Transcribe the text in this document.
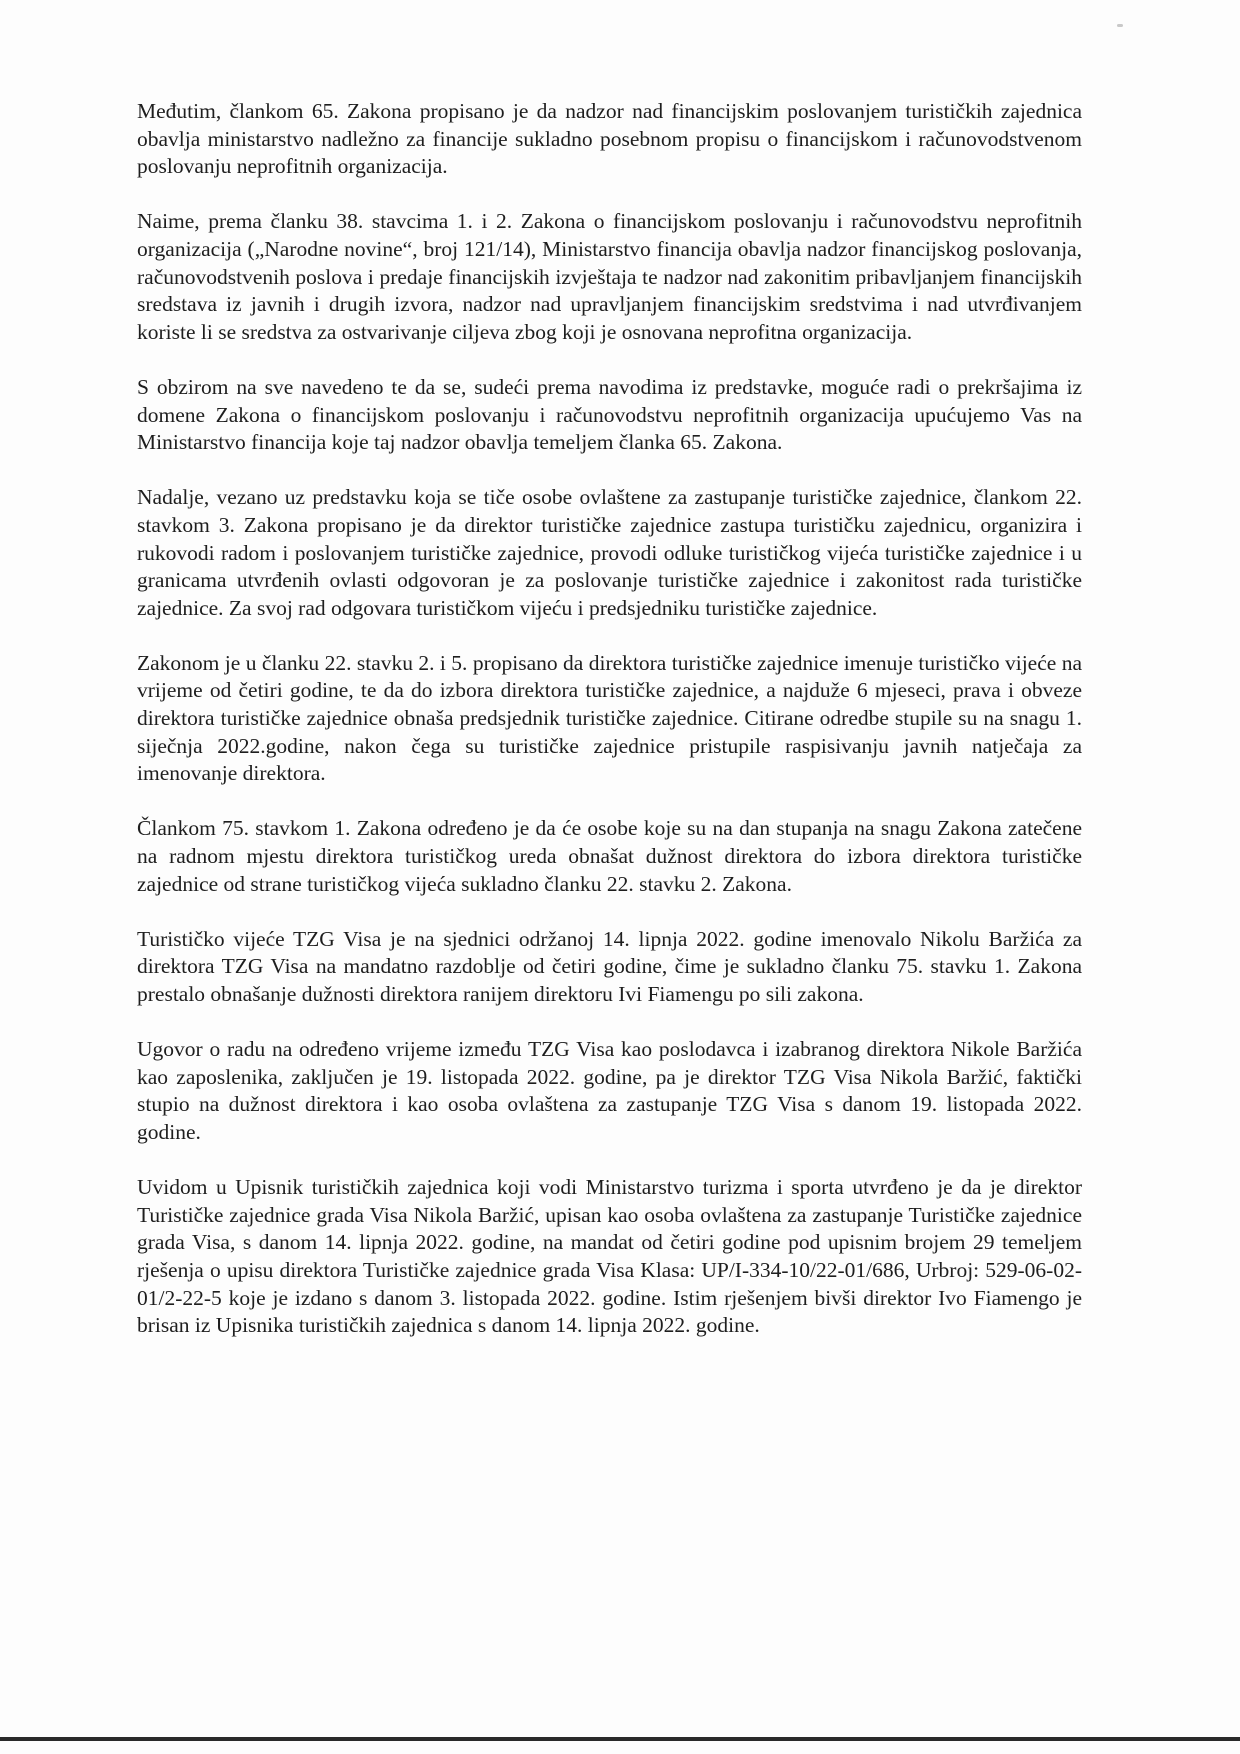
Međutim, člankom 65. Zakona propisano je da nadzor nad financijskim poslovanjem turističkih zajednica obavlja ministarstvo nadležno za financije sukladno posebnom propisu o financijskom i računovodstvenom poslovanju neprofitnih organizacija.

Naime, prema članku 38. stavcima 1. i 2. Zakona o financijskom poslovanju i računovodstvu neprofitnih organizacija („Narodne novine“, broj 121/14), Ministarstvo financija obavlja nadzor financijskog poslovanja, računovodstvenih poslova i predaje financijskih izvještaja te nadzor nad zakonitim pribavljanjem financijskih sredstava iz javnih i drugih izvora, nadzor nad upravljanjem financijskim sredstvima i nad utvrđivanjem koriste li se sredstva za ostvarivanje ciljeva zbog koji je osnovana neprofitna organizacija.

S obzirom na sve navedeno te da se, sudeći prema navodima iz predstavke, moguće radi o prekršajima iz domene Zakona o financijskom poslovanju i računovodstvu neprofitnih organizacija upućujemo Vas na Ministarstvo financija koje taj nadzor obavlja temeljem članka 65. Zakona.

Nadalje, vezano uz predstavku koja se tiče osobe ovlaštene za zastupanje turističke zajednice, člankom 22. stavkom 3. Zakona propisano je da direktor turističke zajednice zastupa turističku zajednicu, organizira i rukovodi radom i poslovanjem turističke zajednice, provodi odluke turističkog vijeća turističke zajednice i u granicama utvrđenih ovlasti odgovoran je za poslovanje turističke zajednice i zakonitost rada turističke zajednice. Za svoj rad odgovara turističkom vijeću i predsjedniku turističke zajednice.

Zakonom je u članku 22. stavku 2. i 5. propisano da direktora turističke zajednice imenuje turističko vijeće na vrijeme od četiri godine, te da do izbora direktora turističke zajednice, a najduže 6 mjeseci, prava i obveze direktora turističke zajednice obnaša predsjednik turističke zajednice. Citirane odredbe stupile su na snagu 1. siječnja 2022.godine, nakon čega su turističke zajednice pristupile raspisivanju javnih natječaja za imenovanje direktora.

Člankom 75. stavkom 1. Zakona određeno je da će osobe koje su na dan stupanja na snagu Zakona zatečene na radnom mjestu direktora turističkog ureda obnašat dužnost direktora do izbora direktora turističke zajednice od strane turističkog vijeća sukladno članku 22. stavku 2. Zakona.

Turističko vijeće TZG Visa je na sjednici održanoj 14. lipnja 2022. godine imenovalo Nikolu Baržića za direktora TZG Visa na mandatno razdoblje od četiri godine, čime je sukladno članku 75. stavku 1. Zakona prestalo obnašanje dužnosti direktora ranijem direktoru Ivi Fiamengu po sili zakona.

Ugovor o radu na određeno vrijeme između TZG Visa kao poslodavca i izabranog direktora Nikole Baržića kao zaposlenika, zaključen je 19. listopada 2022. godine, pa je direktor TZG Visa Nikola Baržić, faktički stupio na dužnost direktora i kao osoba ovlaštena za zastupanje TZG Visa s danom 19. listopada 2022. godine.

Uvidom u Upisnik turističkih zajednica koji vodi Ministarstvo turizma i sporta utvrđeno je da je direktor Turističke zajednice grada Visa Nikola Baržić, upisan kao osoba ovlaštena za zastupanje Turističke zajednice grada Visa, s danom 14. lipnja 2022. godine, na mandat od četiri godine pod upisnim brojem 29 temeljem rješenja o upisu direktora Turističke zajednice grada Visa Klasa: UP/I-334-10/22-01/686, Urbroj: 529-06-02-01/2-22-5 koje je izdano s danom 3. listopada 2022. godine. Istim rješenjem bivši direktor Ivo Fiamengo je brisan iz Upisnika turističkih zajednica s danom 14. lipnja 2022. godine.
